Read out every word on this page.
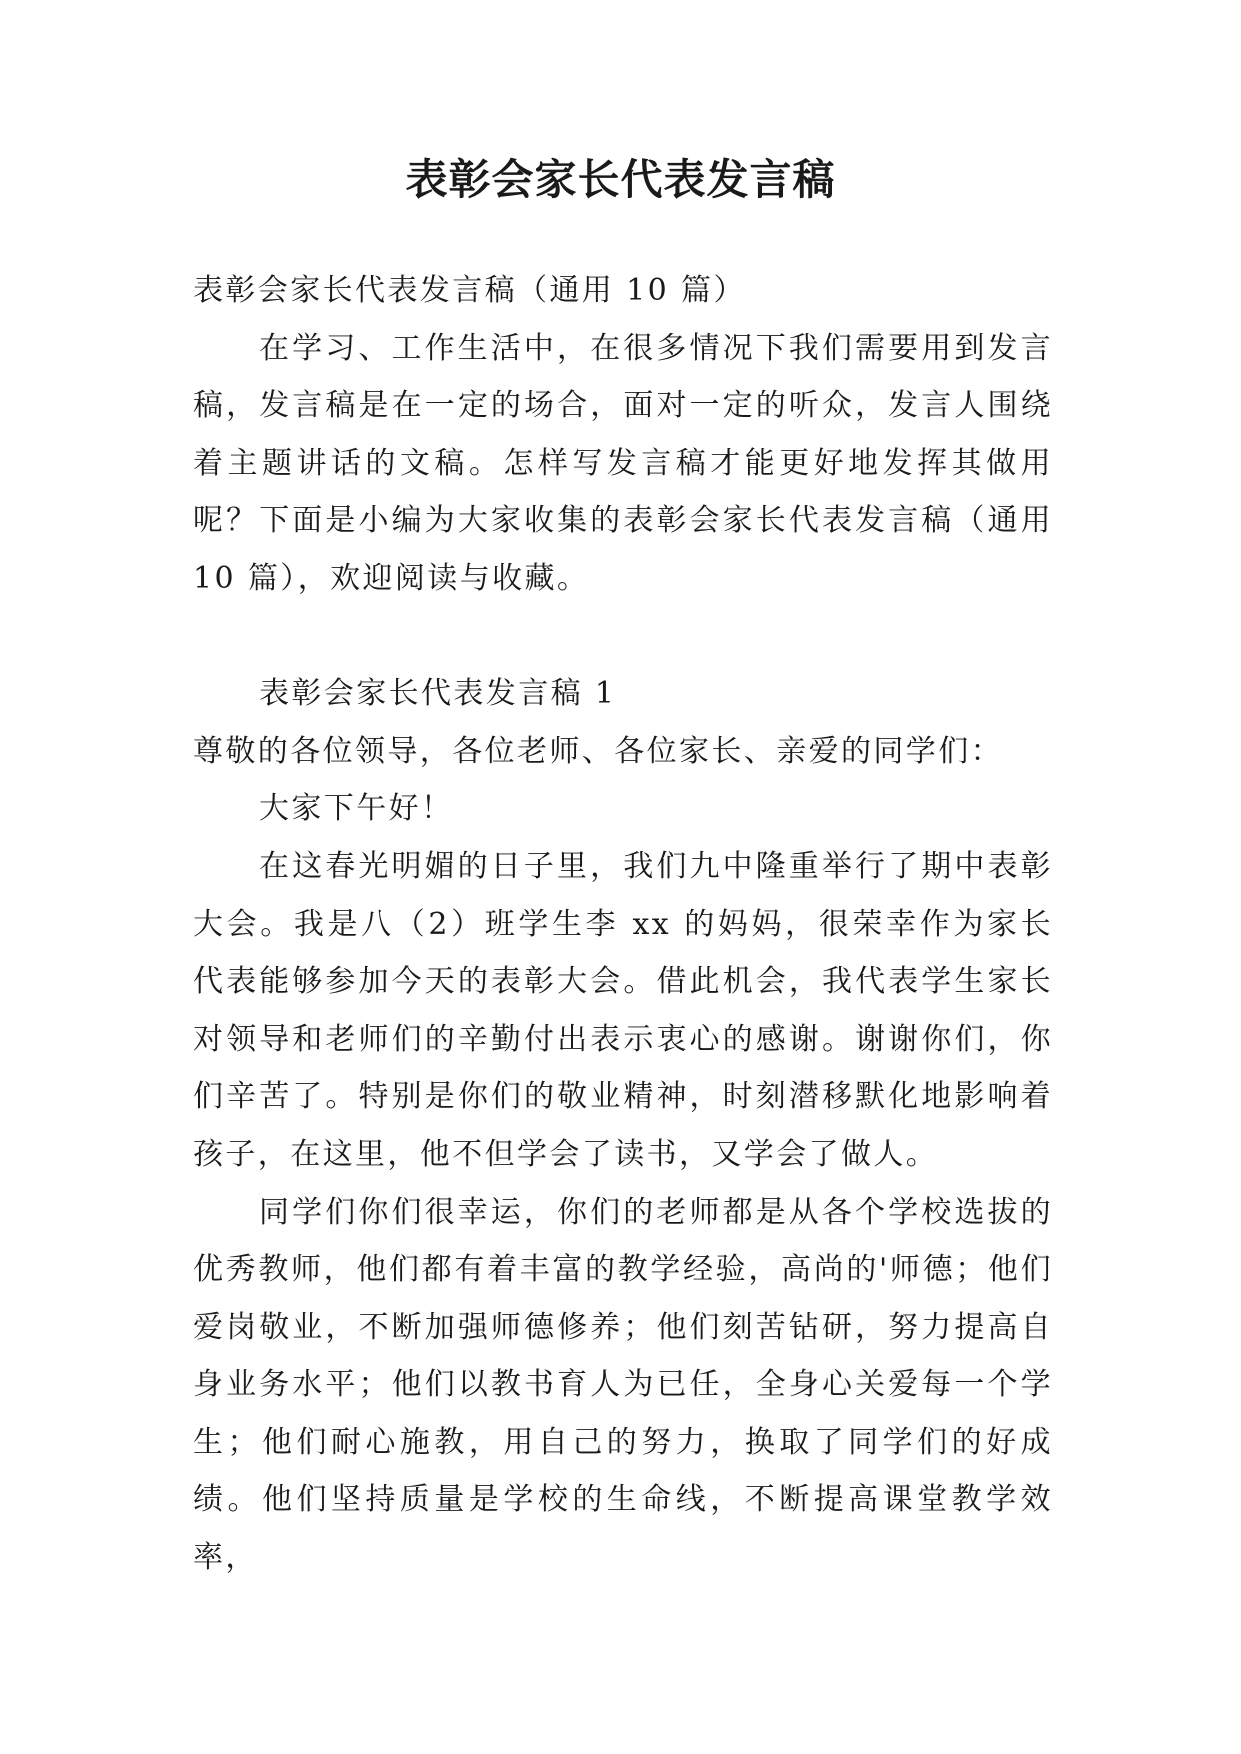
表彰会家长代表发言稿

表彰会家长代表发言稿（通用 10 篇）

在学习、工作生活中，在很多情况下我们需要用到发言稿，发言稿是在一定的场合，面对一定的听众，发言人围绕着主题讲话的文稿。怎样写发言稿才能更好地发挥其做用呢？下面是小编为大家收集的表彰会家长代表发言稿（通用 10 篇），欢迎阅读与收藏。

表彰会家长代表发言稿 1

尊敬的各位领导，各位老师、各位家长、亲爱的同学们：

大家下午好！

在这春光明媚的日子里，我们九中隆重举行了期中表彰大会。我是八（2）班学生李 xx 的妈妈，很荣幸作为家长代表能够参加今天的表彰大会。借此机会，我代表学生家长对领导和老师们的辛勤付出表示衷心的感谢。谢谢你们，你们辛苦了。特别是你们的敬业精神，时刻潜移默化地影响着孩子，在这里，他不但学会了读书，又学会了做人。

同学们你们很幸运，你们的老师都是从各个学校选拔的优秀教师，他们都有着丰富的教学经验，高尚的'师德；他们爱岗敬业，不断加强师德修养；他们刻苦钻研，努力提高自身业务水平；他们以教书育人为已任，全身心关爱每一个学生；他们耐心施教，用自己的努力，换取了同学们的好成绩。他们坚持质量是学校的生命线，不断提高课堂教学效率，
